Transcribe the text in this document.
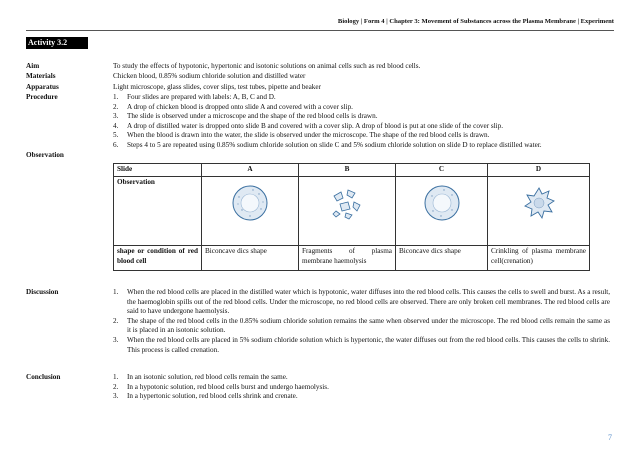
Biology | Form 4 | Chapter 3: Movement of Substances across the Plasma Membrane | Experiment
Activity 3.2
Aim	To study the effects of hypotonic, hypertonic and isotonic solutions on animal cells such as red blood cells.
Materials	Chicken blood, 0.85% sodium chloride solution and distilled water
Apparatus	Light microscope, glass slides, cover slips, test tubes, pipette and beaker
Procedure	1. Four slides are prepared with labels: A, B, C and D.
2. A drop of chicken blood is dropped onto slide A and covered with a cover slip.
3. The slide is observed under a microscope and the shape of the red blood cells is drawn.
4. A drop of distilled water is dropped onto slide B and covered with a cover slip. A drop of blood is put at one slide of the cover slip.
5. When the blood is drawn into the water, the slide is observed under the microscope. The shape of the red blood cells is drawn.
6. Steps 4 to 5 are repeated using 0.85% sodium chloride solution on slide C and 5% sodium chloride solution on slide D to replace distilled water.
Observation
Slide	A	B	C	D
Observation	

shape or condition of red blood cell	Biconcave dics shape	Fragments of plasma membrane haemolysis	Biconcave dics shape	Crinkling of plasma membrane cell(crenation)
Discussion	1. When the red blood cells are placed in the distilled water which is hypotonic, water diffuses into the red blood cells. This causes the cells to swell and burst. As a result, the haemoglobin spills out of the red blood cells. Under the microscope, no red blood cells are observed. There are only broken cell membranes. The red blood cells are said to have undergone haemolysis.
2. The shape of the red blood cells in the 0.85% sodium chloride solution remains the same when observed under the microscope. The red blood cells remain the same as it is placed in an isotonic solution.
3. When the red blood cells are placed in 5% sodium chloride solution which is hypertonic, the water diffuses out from the red blood cells. This causes the cells to shrink. This process is called crenation.
Conclusion	1. In an isotonic solution, red blood cells remain the same.
2. In a hypotonic solution, red blood cells burst and undergo haemolysis.
3. In a hypertonic solution, red blood cells shrink and crenate.
7
